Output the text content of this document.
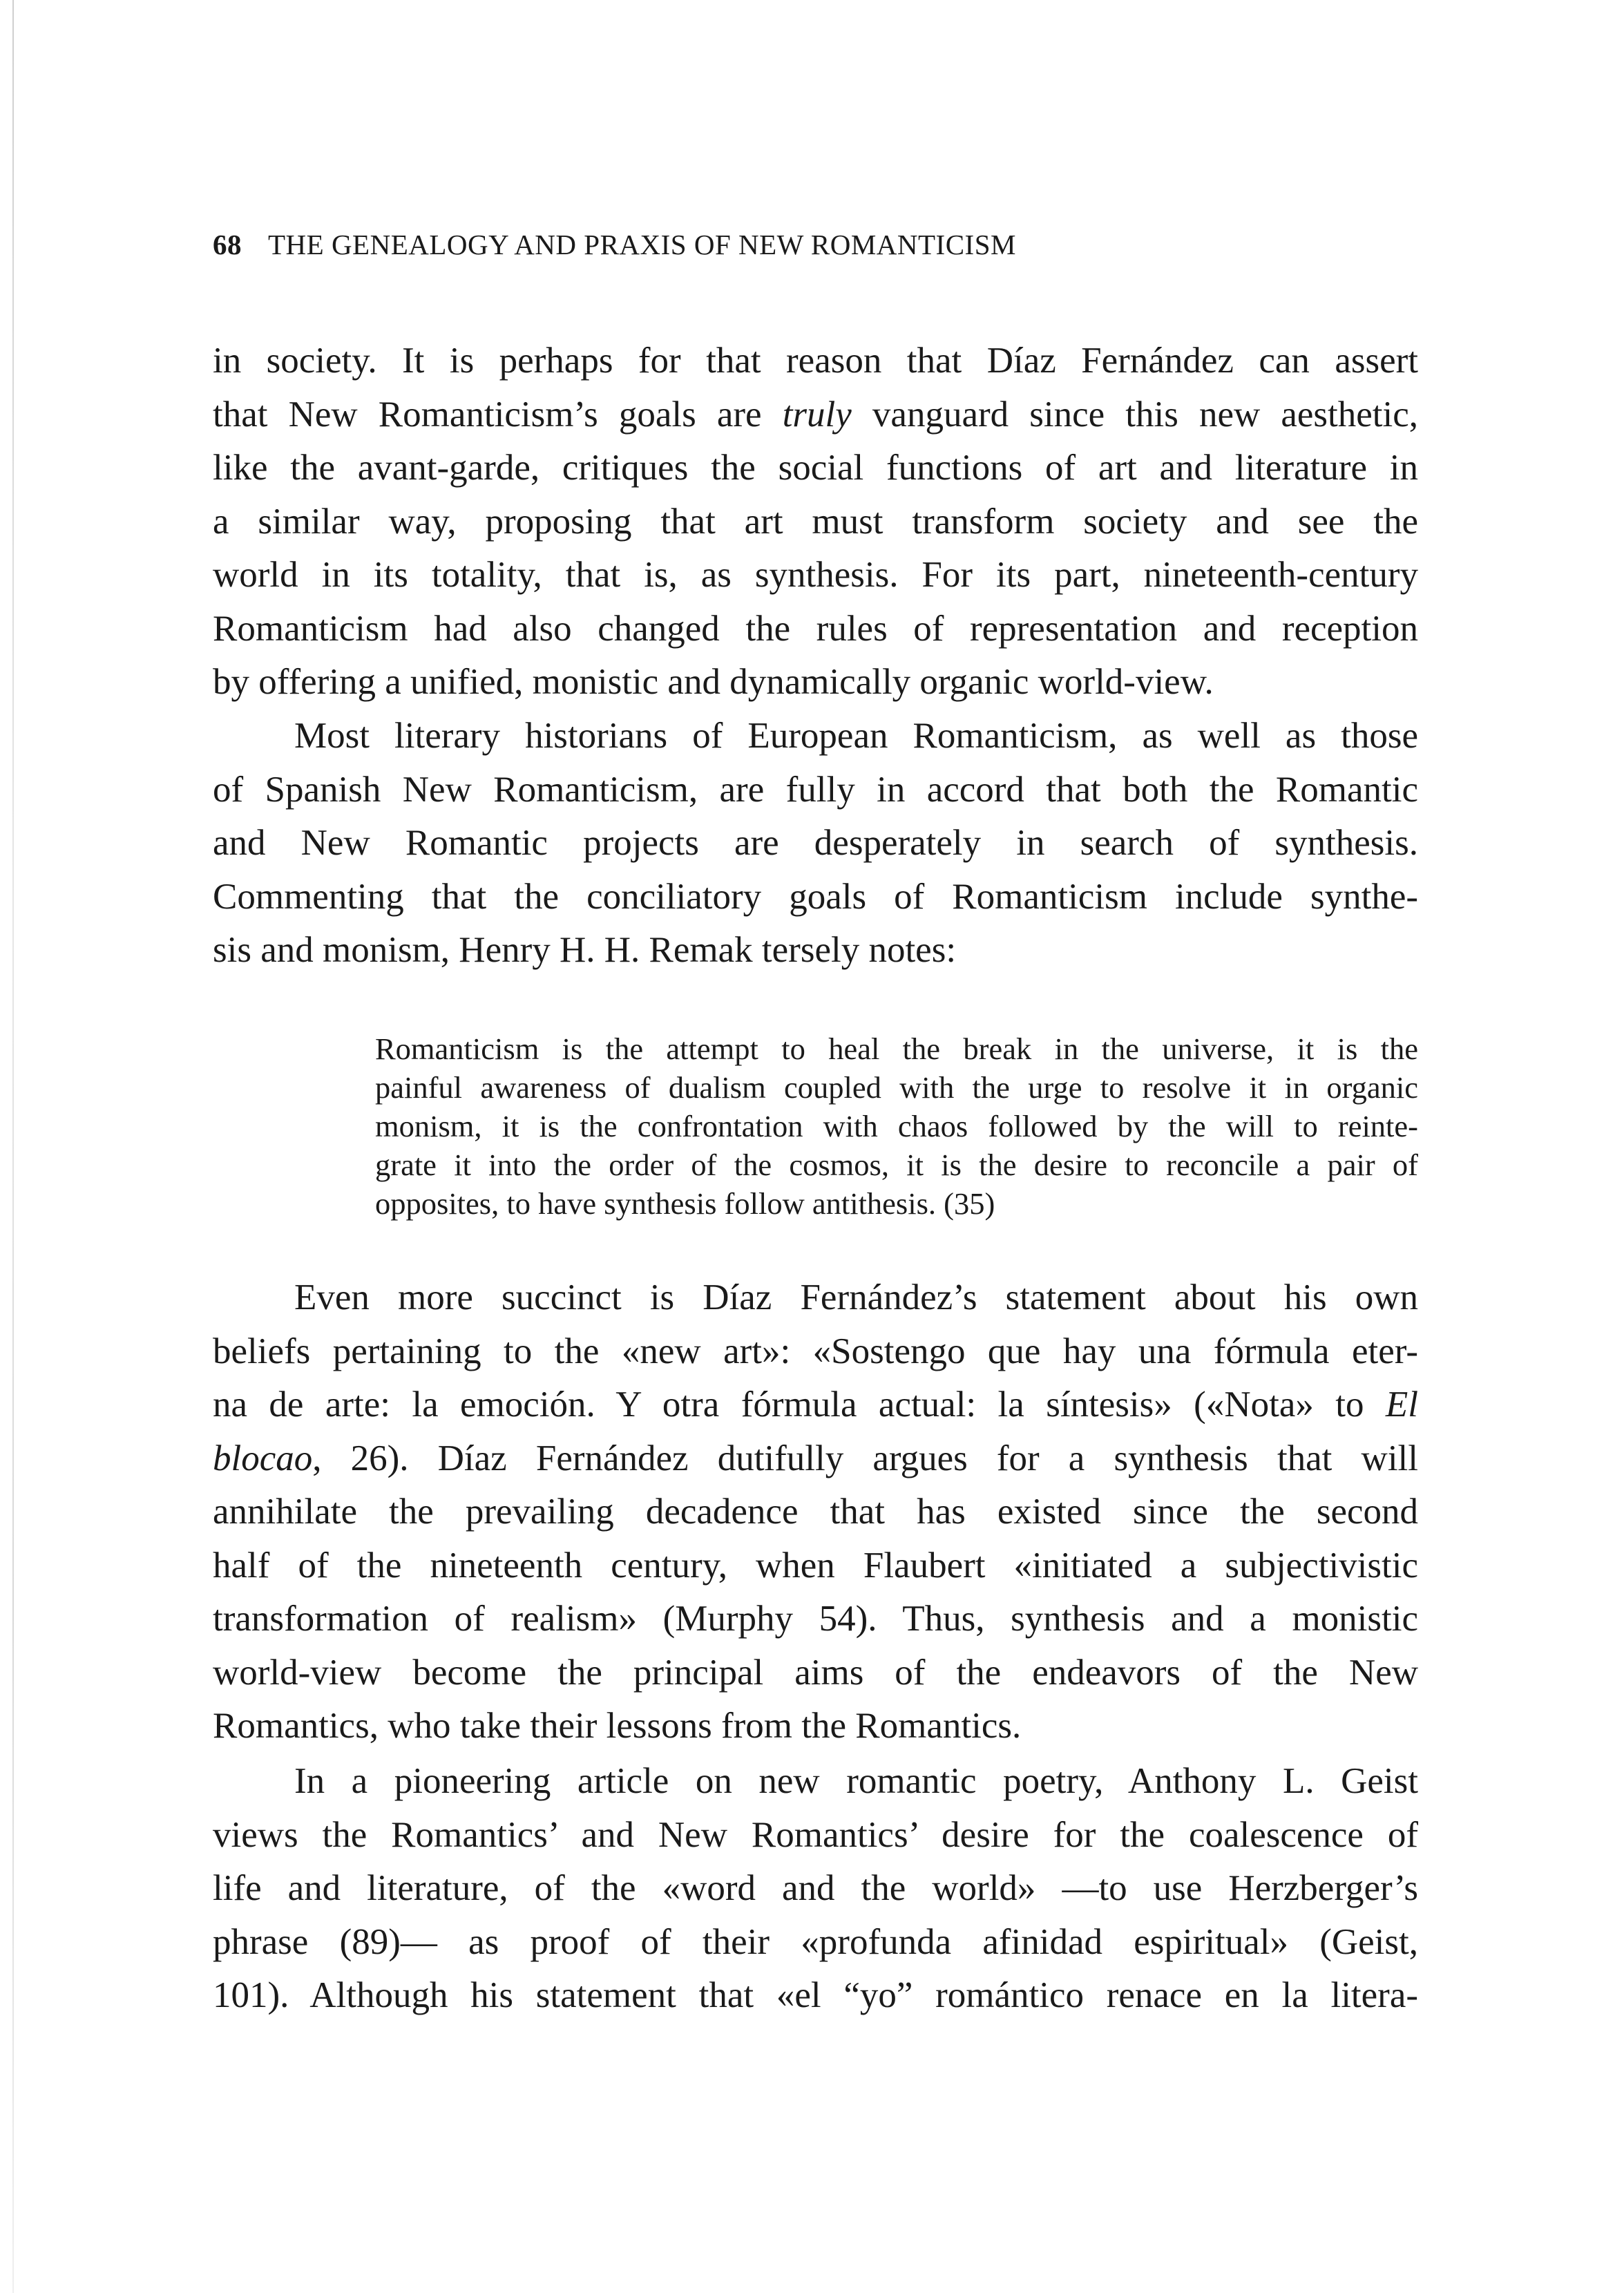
68 THE GENEALOGY AND PRAXIS OF NEW ROMANTICISM
in society. It is perhaps for that reason that Díaz Fernández can assert
that New Romanticism’s goals are truly vanguard since this new aesthetic,
like the avant-garde, critiques the social functions of art and literature in
a similar way, proposing that art must transform society and see the
world in its totality, that is, as synthesis. For its part, nineteenth-century
Romanticism had also changed the rules of representation and reception
by offering a unified, monistic and dynamically organic world-view.
Most literary historians of European Romanticism, as well as those
of Spanish New Romanticism, are fully in accord that both the Romantic
and New Romantic projects are desperately in search of synthesis.
Commenting that the conciliatory goals of Romanticism include synthe-
sis and monism, Henry H. H. Remak tersely notes:
Romanticism is the attempt to heal the break in the universe, it is the
painful awareness of dualism coupled with the urge to resolve it in organic
monism, it is the confrontation with chaos followed by the will to reinte-
grate it into the order of the cosmos, it is the desire to reconcile a pair of
opposites, to have synthesis follow antithesis. (35)
Even more succinct is Díaz Fernández’s statement about his own
beliefs pertaining to the «new art»: «Sostengo que hay una fórmula eter-
na de arte: la emoción. Y otra fórmula actual: la síntesis» («Nota» to El
blocao, 26). Díaz Fernández dutifully argues for a synthesis that will
annihilate the prevailing decadence that has existed since the second
half of the nineteenth century, when Flaubert «initiated a subjectivistic
transformation of realism» (Murphy 54). Thus, synthesis and a monistic
world-view become the principal aims of the endeavors of the New
Romantics, who take their lessons from the Romantics.
In a pioneering article on new romantic poetry, Anthony L. Geist
views the Romantics’ and New Romantics’ desire for the coalescence of
life and literature, of the «word and the world» —to use Herzberger’s
phrase (89)— as proof of their «profunda afinidad espiritual» (Geist,
101). Although his statement that «el “yo” romántico renace en la litera-
